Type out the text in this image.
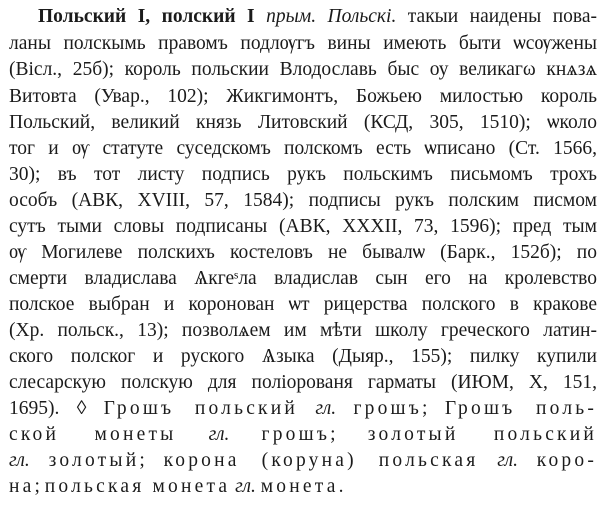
Польский I, полский I прым. Польскі. такыи наидены пова-
ланы полскымь правомъ подлѹгъ вины имеють быти ѡсѹжены
(Вісл., 25б); король польскии Влодославь быс оу великагω кнѧзѧ
Витовта (Увар., 102); Жикгимонтъ, Божьею милостью король
Польский, великий князь Литовский (КСД, 305, 1510); ѡколо
тог и ѹ статуте суседскомъ полскомъ есть ѡписано (Ст. 1566,
30); въ тот листу подпись рукъ польскимъ письмомъ трохъ
особъ (АВК, XVIII, 57, 1584); подписы рукъ полским писмом
сутъ тыми словы подписаны (АВК, XXXII, 73, 1596); пред тым
ѹ Могилеве полскихъ костеловъ не бывалѡ (Барк., 152б); по
смерти владислава Ѧкгеˢла владислав сын его на кролевство
полское выбран и коронован ѡт рицерства полского в кракове
(Хр. польск., 13); позволѧем им мѣти школу греческого латин-
ского полског и руского Ѧзыка (Дыяр., 155); пилку купили
слесарскую полскую для поліорованя гарматы (ИЮМ, X, 151,
1695). ◊ Грошъ польский гл. грошъ; Грошъ поль-
ской монеты гл. грошъ; золотый польский
гл. золотый; корона (коруна) польская гл. коро-
на; польская монета гл. монета.
